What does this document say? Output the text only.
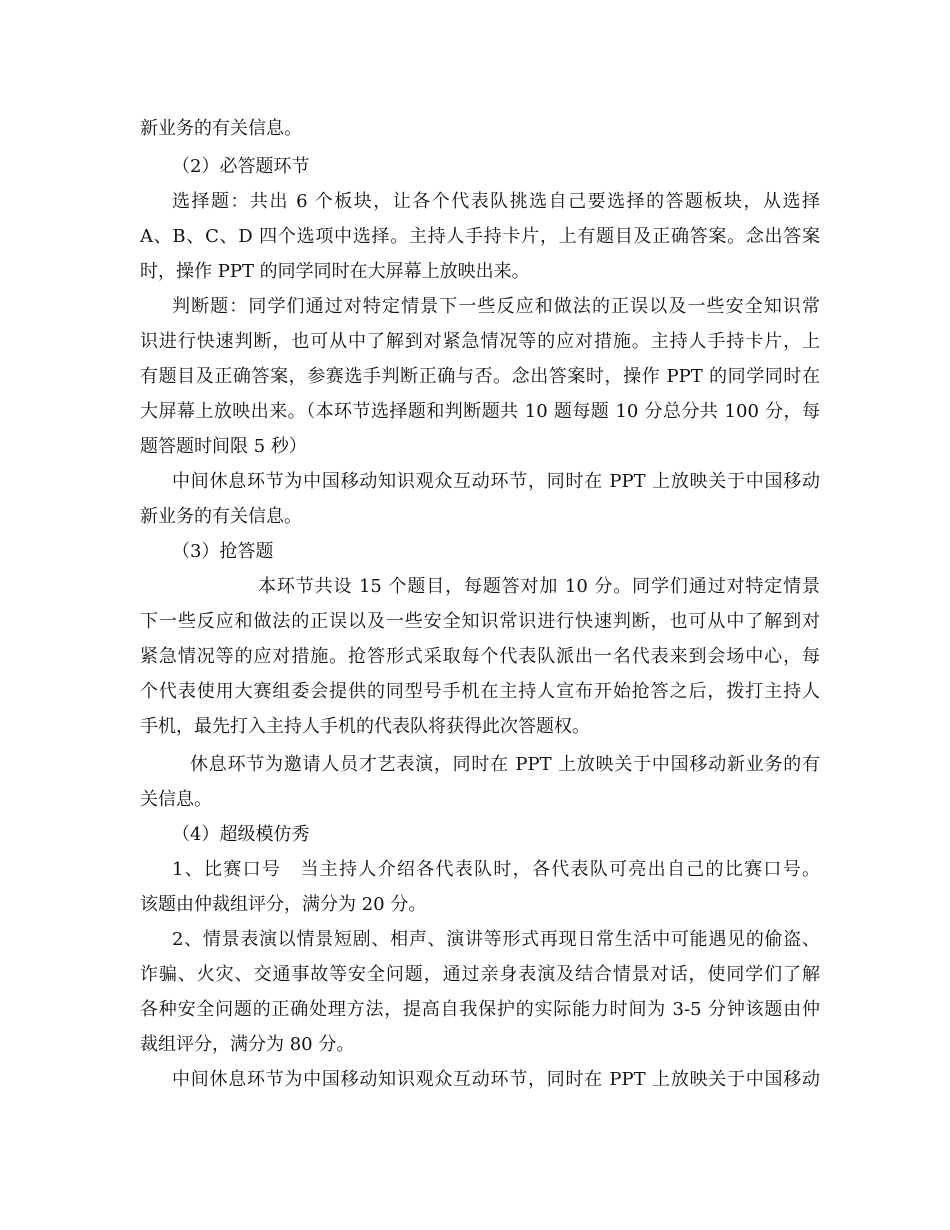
新业务的有关信息。
（2）必答题环节
选择题：共出 6 个板块，让各个代表队挑选自己要选择的答题板块，从选择
A、B、C、D 四个选项中选择。主持人手持卡片，上有题目及正确答案。念出答案
时，操作 PPT 的同学同时在大屏幕上放映出来。
判断题：同学们通过对特定情景下一些反应和做法的正误以及一些安全知识常
识进行快速判断，也可从中了解到对紧急情况等的应对措施。主持人手持卡片，上
有题目及正确答案，参赛选手判断正确与否。念出答案时，操作 PPT 的同学同时在
大屏幕上放映出来。（本环节选择题和判断题共 10 题每题 10 分总分共 100 分，每
题答题时间限 5 秒）
中间休息环节为中国移动知识观众互动环节，同时在 PPT 上放映关于中国移动
新业务的有关信息。
（3）抢答题
本环节共设 15 个题目，每题答对加 10 分。同学们通过对特定情景
下一些反应和做法的正误以及一些安全知识常识进行快速判断，也可从中了解到对
紧急情况等的应对措施。抢答形式采取每个代表队派出一名代表来到会场中心，每
个代表使用大赛组委会提供的同型号手机在主持人宣布开始抢答之后，拨打主持人
手机，最先打入主持人手机的代表队将获得此次答题权。
休息环节为邀请人员才艺表演，同时在 PPT 上放映关于中国移动新业务的有
关信息。
（4）超级模仿秀
1、比赛口号　当主持人介绍各代表队时，各代表队可亮出自己的比赛口号。
该题由仲裁组评分，满分为 20 分。
2、情景表演以情景短剧、相声、演讲等形式再现日常生活中可能遇见的偷盗、
诈骗、火灾、交通事故等安全问题，通过亲身表演及结合情景对话，使同学们了解
各种安全问题的正确处理方法，提高自我保护的实际能力时间为 3-5 分钟该题由仲
裁组评分，满分为 80 分。
中间休息环节为中国移动知识观众互动环节，同时在 PPT 上放映关于中国移动
